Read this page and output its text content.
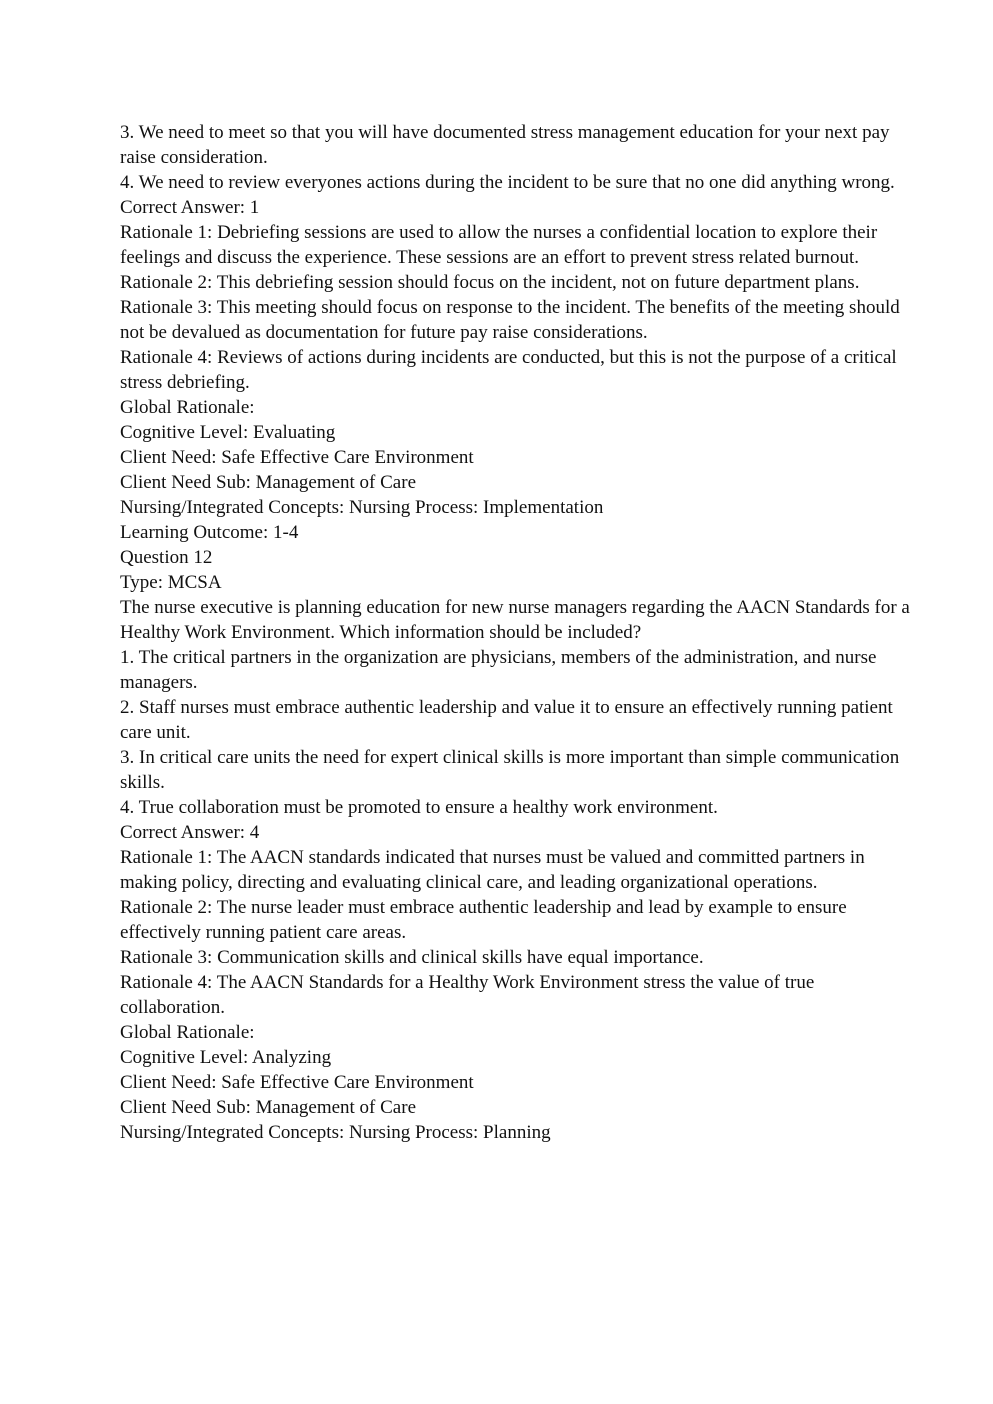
3. We need to meet so that you will have documented stress management education for your next pay raise consideration.

4. We need to review everyones actions during the incident to be sure that no one did anything wrong.

Correct Answer: 1

Rationale 1: Debriefing sessions are used to allow the nurses a confidential location to explore their feelings and discuss the experience. These sessions are an effort to prevent stress related burnout.

Rationale 2: This debriefing session should focus on the incident, not on future department plans.

Rationale 3: This meeting should focus on response to the incident. The benefits of the meeting should not be devalued as documentation for future pay raise considerations.

Rationale 4: Reviews of actions during incidents are conducted, but this is not the purpose of a critical stress debriefing.

Global Rationale:

Cognitive Level: Evaluating

Client Need: Safe Effective Care Environment

Client Need Sub: Management of Care

Nursing/Integrated Concepts: Nursing Process: Implementation

Learning Outcome: 1-4

Question 12

Type: MCSA

The nurse executive is planning education for new nurse managers regarding the AACN Standards for a Healthy Work Environment. Which information should be included?

1. The critical partners in the organization are physicians, members of the administration, and nurse managers.

2. Staff nurses must embrace authentic leadership and value it to ensure an effectively running patient care unit.

3. In critical care units the need for expert clinical skills is more important than simple communication skills.

4. True collaboration must be promoted to ensure a healthy work environment.

Correct Answer: 4

Rationale 1: The AACN standards indicated that nurses must be valued and committed partners in making policy, directing and evaluating clinical care, and leading organizational operations.

Rationale 2: The nurse leader must embrace authentic leadership and lead by example to ensure effectively running patient care areas.

Rationale 3: Communication skills and clinical skills have equal importance.

Rationale 4: The AACN Standards for a Healthy Work Environment stress the value of true collaboration.

Global Rationale:

Cognitive Level: Analyzing

Client Need: Safe Effective Care Environment

Client Need Sub: Management of Care

Nursing/Integrated Concepts: Nursing Process: Planning
